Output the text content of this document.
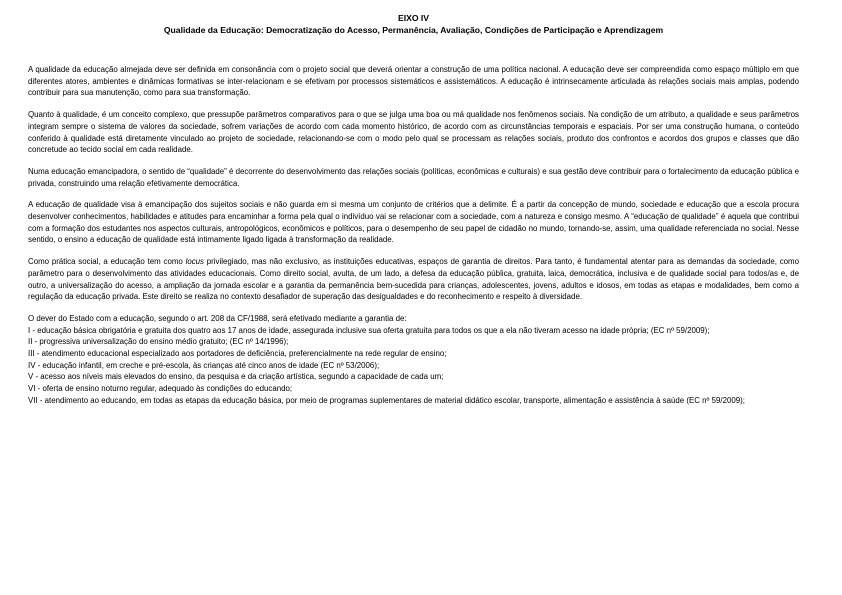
EIXO IV
Qualidade da Educação: Democratização do Acesso, Permanência, Avaliação, Condições de Participação e Aprendizagem

A qualidade da educação almejada deve ser definida em consonância com o projeto social que deverá orientar a construção de uma política nacional. A educação deve ser compreendida como espaço múltiplo em que diferentes atores, ambientes e dinâmicas formativas se inter-relacionam e se efetivam por processos sistemáticos e assistemáticos. A educação é intrinsecamente articulada às relações sociais mais amplas, podendo contribuir para sua manutenção, como para sua transformação.

Quanto à qualidade, é um conceito complexo, que pressupõe parâmetros comparativos para o que se julga uma boa ou má qualidade nos fenômenos sociais. Na condição de um atributo, a qualidade e seus parâmetros integram sempre o sistema de valores da sociedade, sofrem variações de acordo com cada momento histórico, de acordo com as circunstâncias temporais e espaciais. Por ser uma construção humana, o conteúdo conferido à qualidade está diretamente vinculado ao projeto de sociedade, relacionando-se com o modo pelo qual se processam as relações sociais, produto dos confrontos e acordos dos grupos e classes que dão concretude ao tecido social em cada realidade.

Numa educação emancipadora, o sentido de “qualidade” é decorrente do desenvolvimento das relações sociais (políticas, econômicas e culturais) e sua gestão deve contribuir para o fortalecimento da educação pública e privada, construindo uma relação efetivamente democrática.

A educação de qualidade visa à emancipação dos sujeitos sociais e não guarda em si mesma um conjunto de critérios que a delimite. É a partir da concepção de mundo, sociedade e educação que a escola procura desenvolver conhecimentos, habilidades e atitudes para encaminhar a forma pela qual o indivíduo vai se relacionar com a sociedade, com a natureza e consigo mesmo. A “educação de qualidade” é aquela que contribui com a formação dos estudantes nos aspectos culturais, antropológicos, econômicos e políticos, para o desempenho de seu papel de cidadão no mundo, tornando-se, assim, uma qualidade referenciada no social. Nesse sentido, o ensino a educação de qualidade está intimamente ligado ligada à transformação da realidade.

Como prática social, a educação tem como locus privilegiado, mas não exclusivo, as instituições educativas, espaços de garantia de direitos. Para tanto, é fundamental atentar para as demandas da sociedade, como parâmetro para o desenvolvimento das atividades educacionais. Como direito social, avulta, de um lado, a defesa da educação pública, gratuita, laica, democrática, inclusiva e de qualidade social para todos/as e, de outro, a universalização do acesso, a ampliação da jornada escolar e a garantia da permanência bem-sucedida para crianças, adolescentes, jovens, adultos e idosos, em todas as etapas e modalidades, bem como a regulação da educação privada. Este direito se realiza no contexto desafiador de superação das desigualdades e do reconhecimento e respeito à diversidade.

O dever do Estado com a educação, segundo o art. 208 da CF/1988, será efetivado mediante a garantia de:

I - educação básica obrigatória e gratuita dos quatro aos 17 anos de idade, assegurada inclusive sua oferta gratuita para todos os que a ela não tiveram acesso na idade própria; (EC nº 59/2009);
II - progressiva universalização do ensino médio gratuito; (EC nº 14/1996);
III - atendimento educacional especializado aos portadores de deficiência, preferencialmente na rede regular de ensino;
IV - educação infantil, em creche e pré-escola, às crianças até cinco anos de idade (EC nº 53/2006);
V - acesso aos níveis mais elevados do ensino, da pesquisa e da criação artística, segundo a capacidade de cada um;
VI - oferta de ensino noturno regular, adequado às condições do educando;
VII - atendimento ao educando, em todas as etapas da educação básica, por meio de programas suplementares de material didático escolar, transporte, alimentação e assistência à saúde (EC nº 59/2009);
